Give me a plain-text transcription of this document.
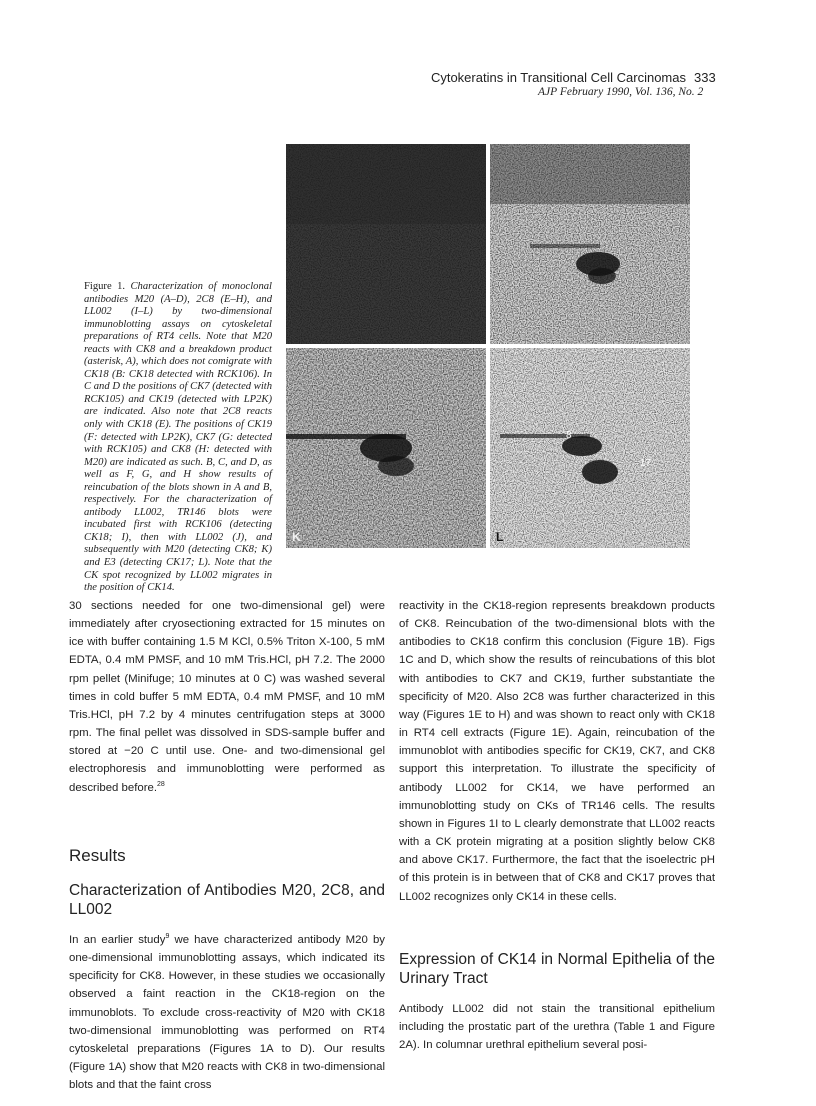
Cytokeratins in Transitional Cell Carcinomas 333
AJP February 1990, Vol. 136, No. 2
Figure 1. Characterization of monoclonal antibodies M20 (A–D), 2C8 (E–H), and LL002 (I–L) by two-dimensional immunoblotting assays on cytoskeletal preparations of RT4 cells. Note that M20 reacts with CK8 and a breakdown product (asterisk, A), which does not comigrate with CK18 (B: CK18 detected with RCK106). In C and D the positions of CK7 (detected with RCK105) and CK19 (detected with LP2K) are indicated. Also note that 2C8 reacts only with CK18 (E). The positions of CK19 (F: detected with LP2K), CK7 (G: detected with RCK105) and CK8 (H: detected with M20) are indicated as such. B, C, and D, as well as F, G, and H show results of reincubation of the blots shown in A and B, respectively. For the characterization of antibody LL002, TR146 blots were incubated first with RCK106 (detecting CK18; I), then with LL002 (J), and subsequently with M20 (detecting CK8; K) and E3 (detecting CK17; L). Note that the CK spot recognized by LL002 migrates in the position of CK14.
K
8
17
L

30 sections needed for one two-dimensional gel) were immediately after cryosectioning extracted for 15 minutes on ice with buffer containing 1.5 M KCl, 0.5% Triton X-100, 5 mM EDTA, 0.4 mM PMSF, and 10 mM Tris.HCl, pH 7.2. The 2000 rpm pellet (Minifuge; 10 minutes at 0 C) was washed several times in cold buffer 5 mM EDTA, 0.4 mM PMSF, and 10 mM Tris.HCl, pH 7.2 by 4 minutes centrifugation steps at 3000 rpm. The final pellet was dissolved in SDS-sample buffer and stored at −20 C until use. One- and two-dimensional gel electrophoresis and immunoblotting were performed as described before.$^{28}$

Results
Characterization of Antibodies M20, 2C8, and LL002

In an earlier study$^9$ we have characterized antibody M20 by one-dimensional immunoblotting assays, which indicated its specificity for CK8. However, in these studies we occasionally observed a faint reaction in the CK18-region on the immunoblots. To exclude cross-reactivity of M20 with CK18 two-dimensional immunoblotting was performed on RT4 cytoskeletal preparations (Figures 1A to D). Our results (Figure 1A) show that M20 reacts with CK8 in two-dimensional blots and that the faint cross

reactivity in the CK18-region represents breakdown products of CK8. Reincubation of the two-dimensional blots with the antibodies to CK18 confirm this conclusion (Figure 1B). Figs 1C and D, which show the results of reincubations of this blot with antibodies to CK7 and CK19, further substantiate the specificity of M20. Also 2C8 was further characterized in this way (Figures 1E to H) and was shown to react only with CK18 in RT4 cell extracts (Figure 1E). Again, reincubation of the immunoblot with antibodies specific for CK19, CK7, and CK8 support this interpretation. To illustrate the specificity of antibody LL002 for CK14, we have performed an immunoblotting study on CKs of TR146 cells. The results shown in Figures 1I to L clearly demonstrate that LL002 reacts with a CK protein migrating at a position slightly below CK8 and above CK17. Furthermore, the fact that the isoelectric pH of this protein is in between that of CK8 and CK17 proves that LL002 recognizes only CK14 in these cells.

Expression of CK14 in Normal Epithelia of the Urinary Tract

Antibody LL002 did not stain the transitional epithelium including the prostatic part of the urethra (Table 1 and Figure 2A). In columnar urethral epithelium several posi-
